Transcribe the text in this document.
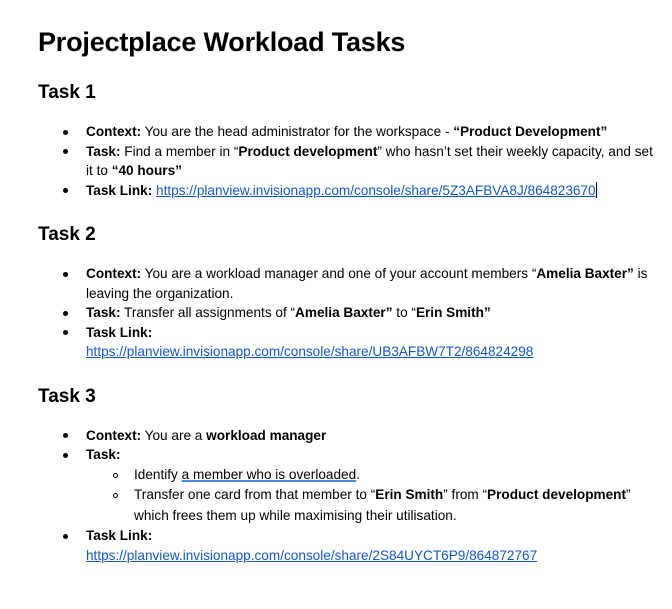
Projectplace Workload Tasks
Task 1
Context: You are the head administrator for the workspace - “Product Development”
Task: Find a member in “Product development” who hasn’t set their weekly capacity, and set it to “40 hours”
Task Link: https://planview.invisionapp.com/console/share/5Z3AFBVA8J/864823670
Task 2
Context: You are a workload manager and one of your account members “Amelia Baxter” is leaving the organization.
Task: Transfer all assignments of “Amelia Baxter” to “Erin Smith”
Task Link:
https://planview.invisionapp.com/console/share/UB3AFBW7T2/864824298
Task 3
Context: You are a workload manager
Task:
Identify a member who is overloaded.
Transfer one card from that member to “Erin Smith” from “Product development” which frees them up while maximising their utilisation.
Task Link:
https://planview.invisionapp.com/console/share/2S84UYCT6P9/864872767
